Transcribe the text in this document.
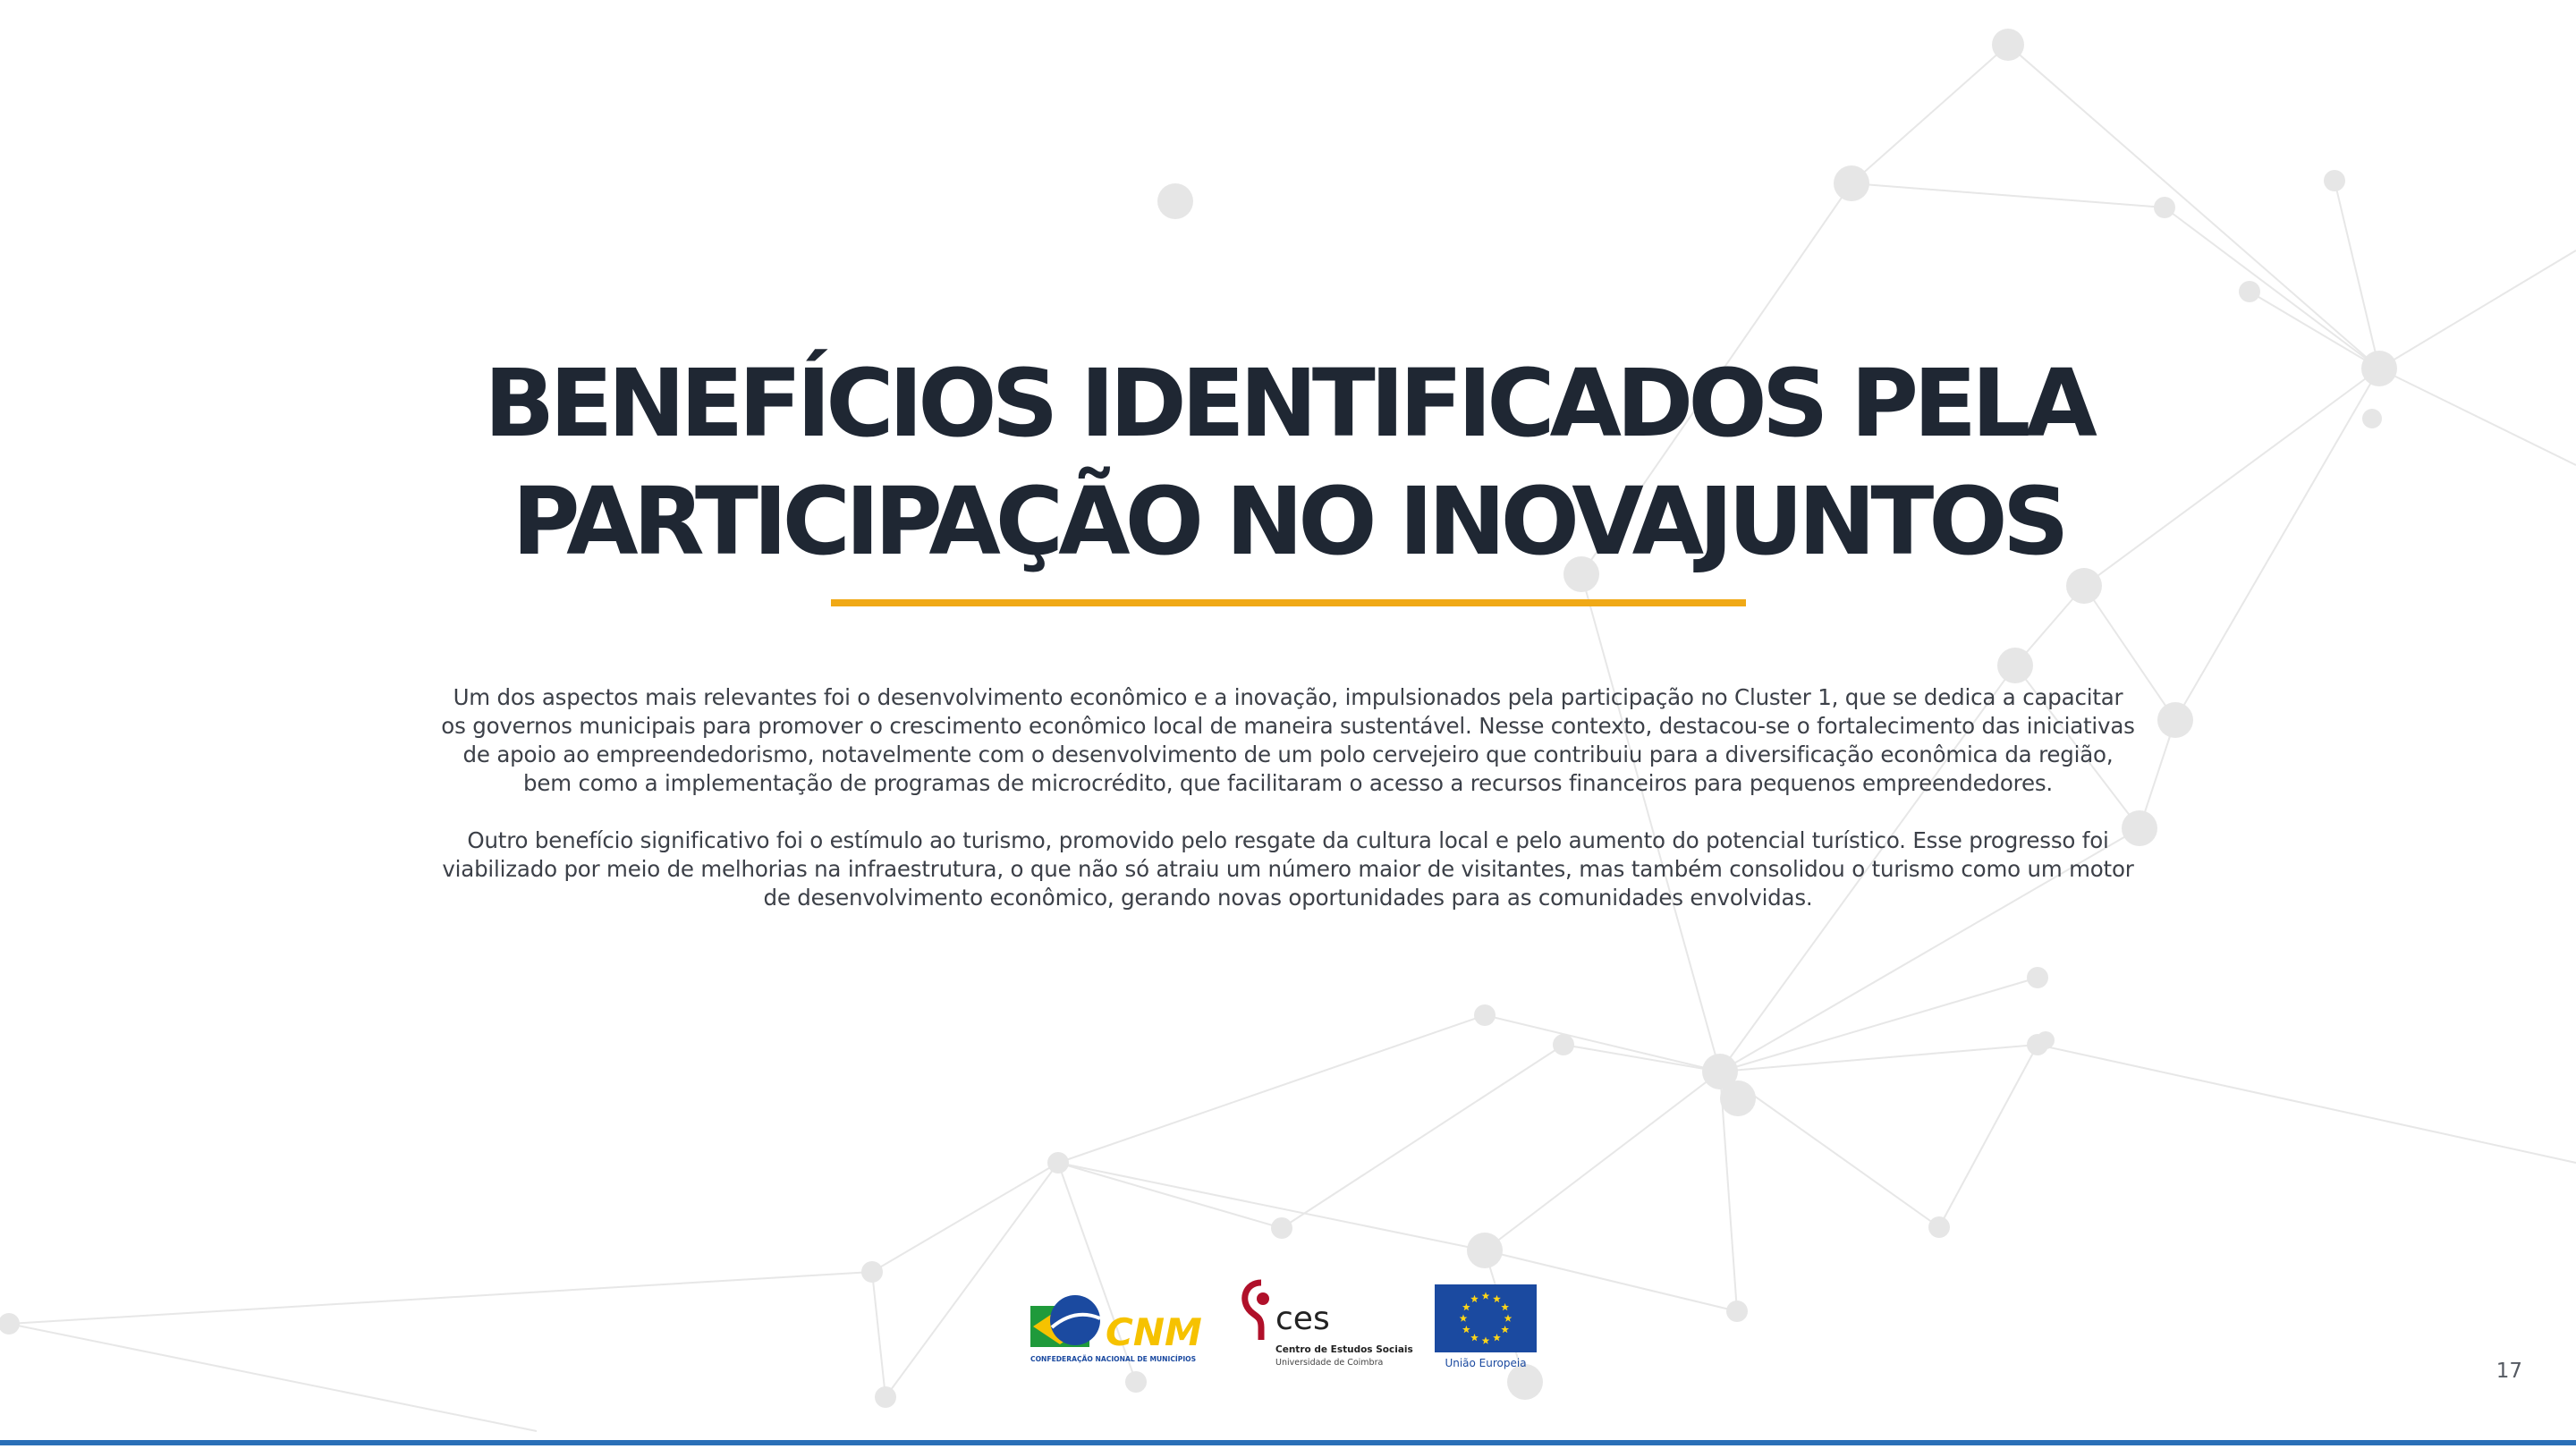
BENEFÍCIOS IDENTIFICADOS PELA
PARTICIPAÇÃO NO INOVAJUNTOS

Um dos aspectos mais relevantes foi o desenvolvimento econômico e a inovação, impulsionados pela participação no Cluster 1, que se dedica a capacitar os governos municipais para promover o crescimento econômico local de maneira sustentável. Nesse contexto, destacou-se o fortalecimento das iniciativas de apoio ao empreendedorismo, notavelmente com o desenvolvimento de um polo cervejeiro que contribuiu para a diversificação econômica da região, bem como a implementação de programas de microcrédito, que facilitaram o acesso a recursos financeiros para pequenos empreendedores.

Outro benefício significativo foi o estímulo ao turismo, promovido pelo resgate da cultura local e pelo aumento do potencial turístico. Esse progresso foi viabilizado por meio de melhorias na infraestrutura, o que não só atraiu um número maior de visitantes, mas também consolidou o turismo como um motor de desenvolvimento econômico, gerando novas oportunidades para as comunidades envolvidas.

CNM
CONFEDERAÇÃO NACIONAL DE MUNICÍPIOS
ces
Centro de Estudos Sociais
Universidade de Coimbra	União Europeia	17
